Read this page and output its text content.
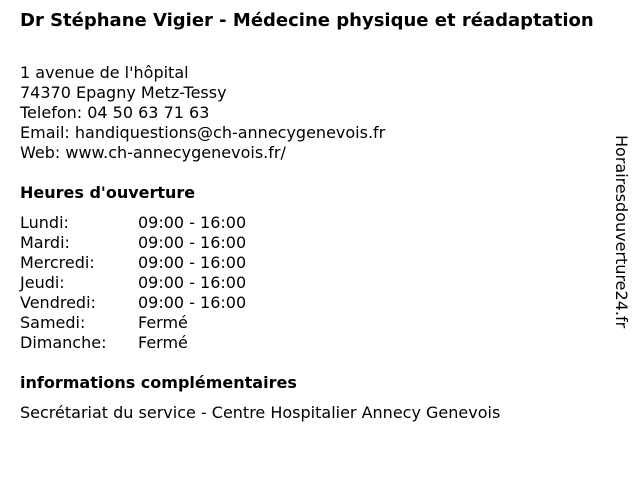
Dr Stéphane Vigier - Médecine physique et réadaptation
1 avenue de l'hôpital
74370 Epagny Metz-Tessy
Telefon: 04 50 63 71 63
Email: handiquestions@ch-annecygenevois.fr
Web: www.ch-annecygenevois.fr/
Heures d'ouverture
Lundi:	09:00 - 16:00
Mardi:	09:00 - 16:00
Mercredi:	09:00 - 16:00
Jeudi:	09:00 - 16:00
Vendredi:	09:00 - 16:00
Samedi:	Fermé
Dimanche:	Fermé
informations complémentaires
Secrétariat du service - Centre Hospitalier Annecy Genevois
Horairesdouverture24.fr
